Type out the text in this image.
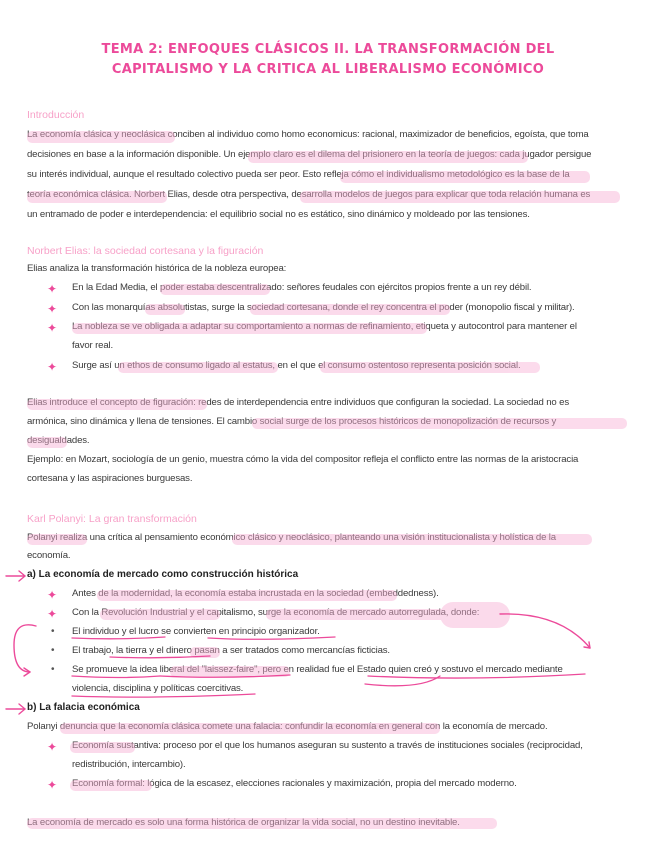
TEMA 2: ENFOQUES CLÁSICOS II. LA TRANSFORMACIÓN DEL
CAPITALISMO Y LA CRITICA AL LIBERALISMO ECONÓMICO
Introducción
La economía clásica y neoclásica conciben al individuo como homo economicus: racional, maximizador de beneficios, egoísta, que toma
decisiones en base a la información disponible. Un ejemplo claro es el dilema del prisionero en la teoría de juegos: cada jugador persigue
su interés individual, aunque el resultado colectivo pueda ser peor. Esto refleja cómo el individualismo metodológico es la base de la
teoría económica clásica. Norbert Elias, desde otra perspectiva, desarrolla modelos de juegos para explicar que toda relación humana es
un entramado de poder e interdependencia: el equilibrio social no es estático, sino dinámico y moldeado por las tensiones.
Norbert Elias: la sociedad cortesana y la figuración
Elias analiza la transformación histórica de la nobleza europea:
✦ En la Edad Media, el poder estaba descentralizado: señores feudales con ejércitos propios frente a un rey débil.
✦ Con las monarquías absolutistas, surge la sociedad cortesana, donde el rey concentra el poder (monopolio fiscal y militar).
✦ La nobleza se ve obligada a adaptar su comportamiento a normas de refinamiento, etiqueta y autocontrol para mantener el
favor real.
✦ Surge así un ethos de consumo ligado al estatus, en el que el consumo ostentoso representa posición social.
Elias introduce el concepto de figuración: redes de interdependencia entre individuos que configuran la sociedad. La sociedad no es
armónica, sino dinámica y llena de tensiones. El cambio social surge de los procesos históricos de monopolización de recursos y
desigualdades.
Ejemplo: en Mozart, sociología de un genio, muestra cómo la vida del compositor refleja el conflicto entre las normas de la aristocracia
cortesana y las aspiraciones burguesas.
Karl Polanyi: La gran transformación
Polanyi realiza una crítica al pensamiento económico clásico y neoclásico, planteando una visión institucionalista y holística de la
economía.
a) La economía de mercado como construcción histórica
✦ Antes de la modernidad, la economía estaba incrustada en la sociedad (embeddedness).
✦ Con la Revolución Industrial y el capitalismo, surge la economía de mercado autorregulada, donde:
• El individuo y el lucro se convierten en principio organizador.
• El trabajo, la tierra y el dinero pasan a ser tratados como mercancías ficticias.
• Se promueve la idea liberal del "laissez-faire", pero en realidad fue el Estado quien creó y sostuvo el mercado mediante
violencia, disciplina y políticas coercitivas.
b) La falacia económica
Polanyi denuncia que la economía clásica comete una falacia: confundir la economía en general con la economía de mercado.
✦ Economía sustantiva: proceso por el que los humanos aseguran su sustento a través de instituciones sociales (reciprocidad,
redistribución, intercambio).
✦ Economía formal: lógica de la escasez, elecciones racionales y maximización, propia del mercado moderno.
La economía de mercado es solo una forma histórica de organizar la vida social, no un destino inevitable.
